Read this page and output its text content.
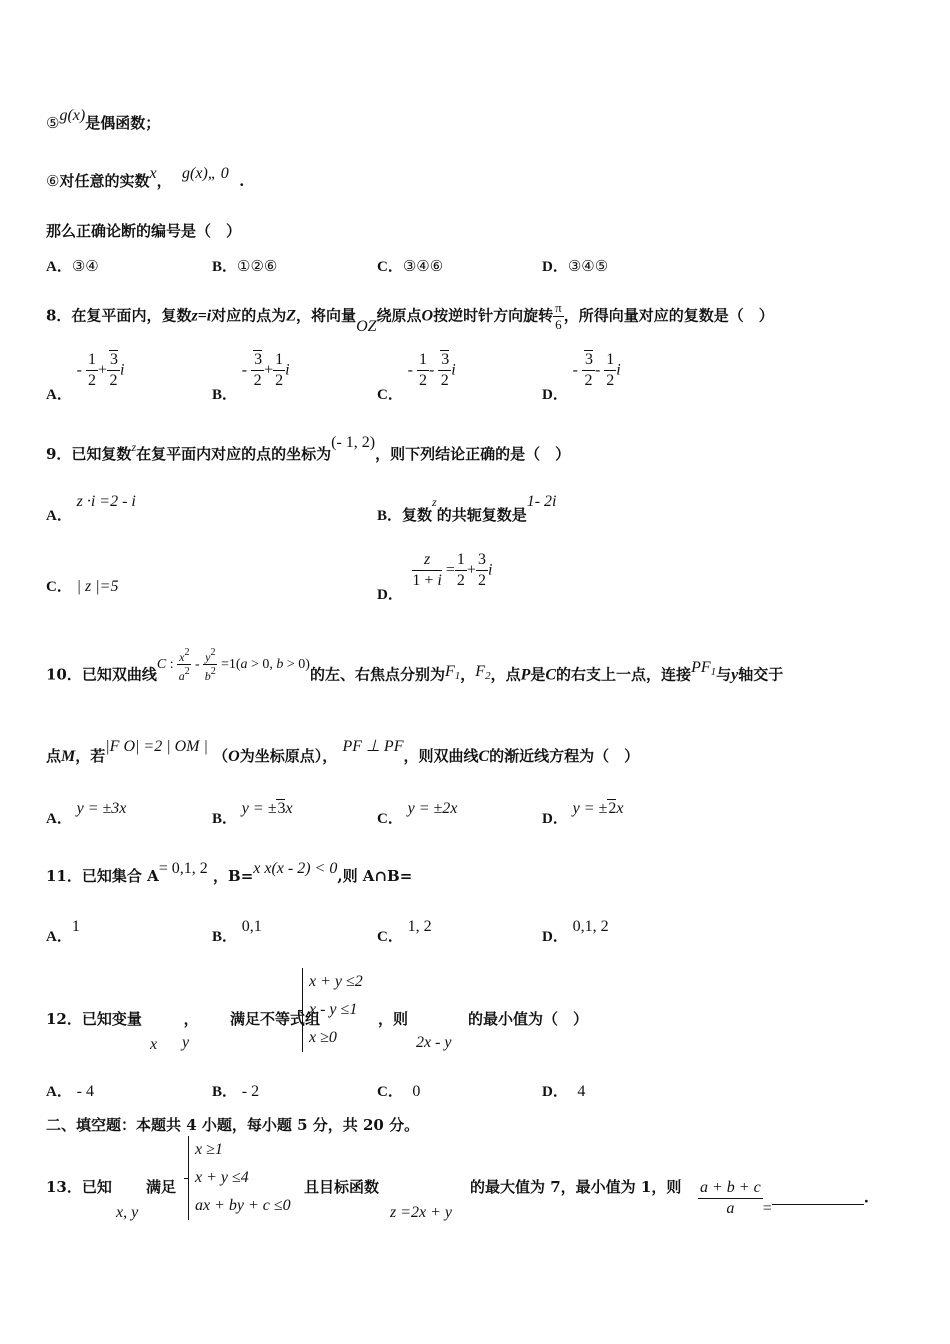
⑤g(x)是偶函数；
⑥对任意的实数x， g(x)„ 0 .
那么正确论断的编号是（　）
A．③④	B．①②⑥	C．③④⑥	D．③④⑤
8．在复平面内，复数z=i对应的点为Z，将向量OZ绕原点O按逆时针方向旋转 $\frac{\pi}{6}$ ，所得向量对应的复数是（　）
A． - $\frac{1}{2} + \frac{3}{2}$ i
B． - $\frac{3}{2} + \frac{1}{2}$ i
C． - $\frac{1}{2} - \frac{3}{2}$ i
D． - $\frac{3}{2} - \frac{1}{2}$ i
9．已知复数$^z$在复平面内对应的点的坐标为(- 1, 2)，则下列结论正确的是（　）
A． z ·i =2 - i
B．复数z的共轭复数是1- 2i
C． | z |=5	D．
$\frac{z}{1 + i} = \frac{1}{2} + \frac{3}{2}$ i
10．已知双曲线C : $\frac{x^2}{a^2} - \frac{y^2}{b^2} =1(a > 0$, b > 0)的左、右焦点分别为$F_1$，$F_2$，点P是C的右支上一点，连接$PF_1$与y轴交于
点M，若|F O| =2 | OM | （O为坐标原点）， PF ⊥ PF，则双曲线C的渐近线方程为（　）
A． y = ±3x
B． y = ±3x
C． y = ±2x
D． y = ±2x
11．已知集合 A= 0,1, 2 ，B=x x(x - 2) < 0,则 A∩B=
A．1
B． 0,1
C． 1, 2
D． 0,1, 2
12．已知变量	， 满足不等式组
x y
x + y ≤2
x - y ≤1
x ≥0
，则
2x - y
的最小值为（　）
A． - 4	B． - 2	C． 0	D． 4
二、填空题：本题共 4 小题，每小题 5 分，共 20 分。
13．已知
x, y
满足
x ≥1
x + y ≤4
ax + by + c ≤0
且目标函数
z =2x + y
的最大值为 7，最小值为 1，则 $\frac{a + b + c}{a}$ =.
